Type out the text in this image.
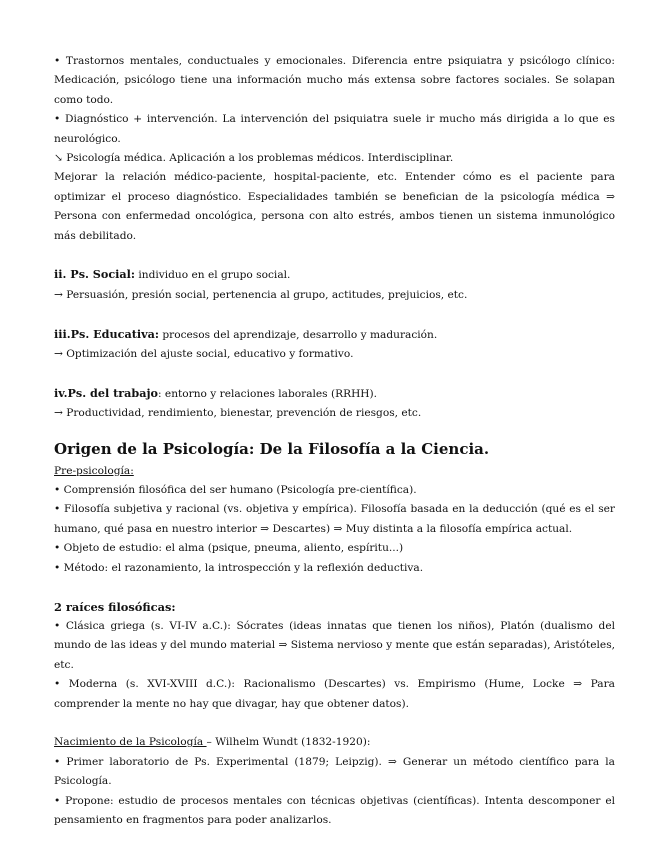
• Trastornos mentales, conductuales y emocionales. Diferencia entre psiquiatra y psicólogo clínico: Medicación, psicólogo tiene una información mucho más extensa sobre factores sociales. Se solapan como todo.

• Diagnóstico + intervención. La intervención del psiquiatra suele ir mucho más dirigida a lo que es neurológico.

↘ Psicología médica. Aplicación a los problemas médicos. Interdisciplinar.

Mejorar la relación médico-paciente, hospital-paciente, etc. Entender cómo es el paciente para optimizar el proceso diagnóstico. Especialidades también se benefician de la psicología médica ⇒ Persona con enfermedad oncológica, persona con alto estrés, ambos tienen un sistema inmunológico más debilitado.

ii. Ps. Social: individuo en el grupo social.

→ Persuasión, presión social, pertenencia al grupo, actitudes, prejuicios, etc.

iii.Ps. Educativa: procesos del aprendizaje, desarrollo y maduración.

→ Optimización del ajuste social, educativo y formativo.

iv.Ps. del trabajo: entorno y relaciones laborales (RRHH).

→ Productividad, rendimiento, bienestar, prevención de riesgos, etc.

Origen de la Psicología: De la Filosofía a la Ciencia.

Pre-psicología:

• Comprensión filosófica del ser humano (Psicología pre-científica).

• Filosofía subjetiva y racional (vs. objetiva y empírica). Filosofía basada en la deducción (qué es el ser humano, qué pasa en nuestro interior ⇒ Descartes) ⇒ Muy distinta a la filosofía empírica actual.

• Objeto de estudio: el alma (psique, pneuma, aliento, espíritu...)

• Método: el razonamiento, la introspección y la reflexión deductiva.

2 raíces filosóficas:

• Clásica griega (s. VI-IV a.C.): Sócrates (ideas innatas que tienen los niños), Platón (dualismo del mundo de las ideas y del mundo material ⇒ Sistema nervioso y mente que están separadas), Aristóteles, etc.

• Moderna (s. XVI-XVIII d.C.): Racionalismo (Descartes) vs. Empirismo (Hume, Locke ⇒ Para comprender la mente no hay que divagar, hay que obtener datos).

Nacimiento de la Psicología – Wilhelm Wundt (1832-1920):

• Primer laboratorio de Ps. Experimental (1879; Leipzig). ⇒ Generar un método científico para la Psicología.

• Propone: estudio de procesos mentales con técnicas objetivas (científicas). Intenta descomponer el pensamiento en fragmentos para poder analizarlos.
